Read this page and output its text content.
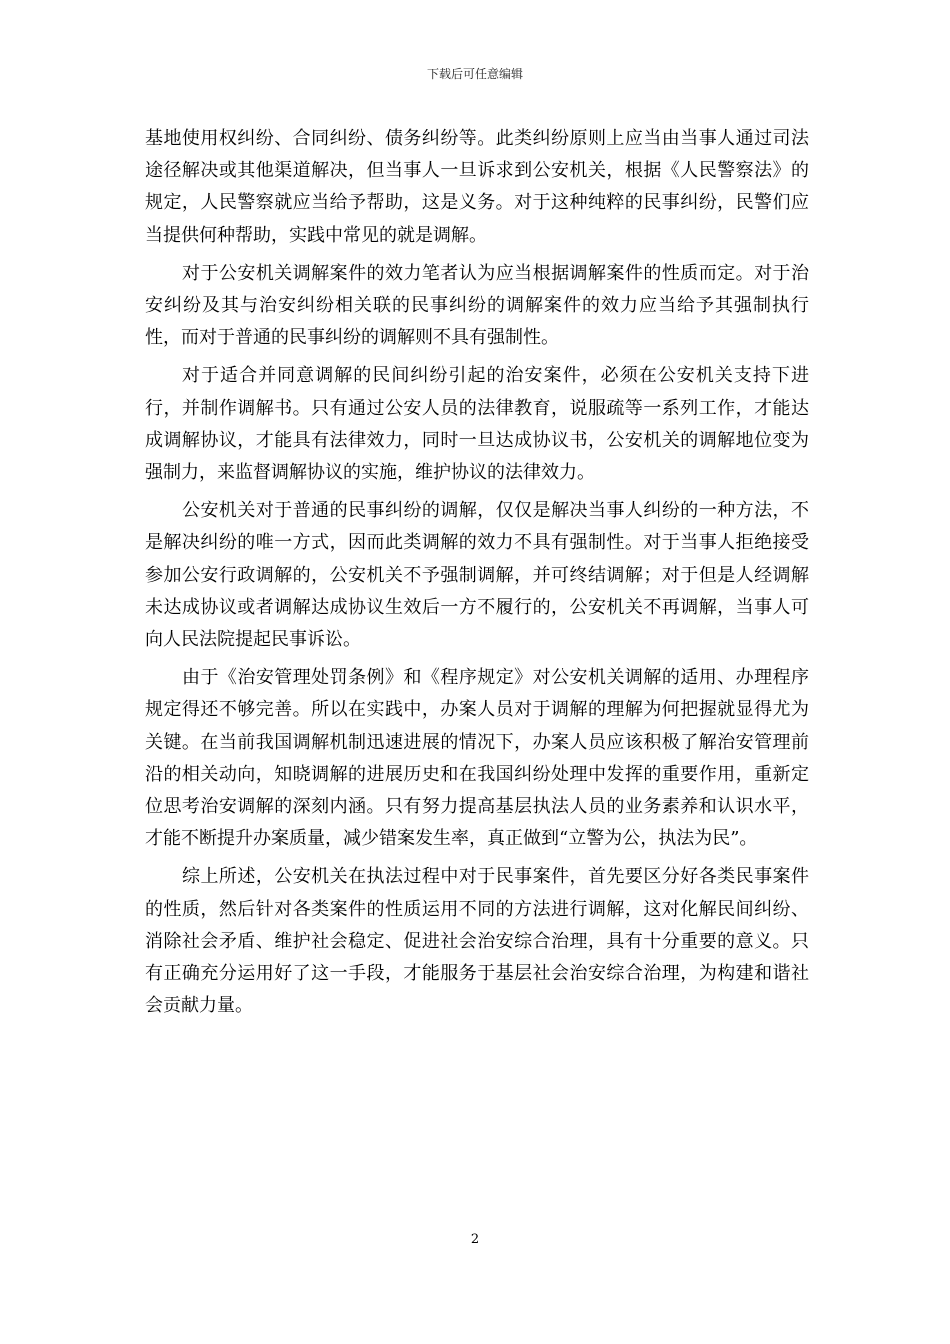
下载后可任意编辑

基地使用权纠纷、合同纠纷、债务纠纷等。此类纠纷原则上应当由当事人通过司法途径解决或其他渠道解决，但当事人一旦诉求到公安机关，根据《人民警察法》的规定，人民警察就应当给予帮助，这是义务。对于这种纯粹的民事纠纷，民警们应当提供何种帮助，实践中常见的就是调解。

对于公安机关调解案件的效力笔者认为应当根据调解案件的性质而定。对于治安纠纷及其与治安纠纷相关联的民事纠纷的调解案件的效力应当给予其强制执行性，而对于普通的民事纠纷的调解则不具有强制性。

对于适合并同意调解的民间纠纷引起的治安案件，必须在公安机关支持下进行，并制作调解书。只有通过公安人员的法律教育，说服疏等一系列工作，才能达成调解协议，才能具有法律效力，同时一旦达成协议书，公安机关的调解地位变为强制力，来监督调解协议的实施，维护协议的法律效力。

公安机关对于普通的民事纠纷的调解，仅仅是解决当事人纠纷的一种方法，不是解决纠纷的唯一方式，因而此类调解的效力不具有强制性。对于当事人拒绝接受参加公安行政调解的，公安机关不予强制调解，并可终结调解；对于但是人经调解未达成协议或者调解达成协议生效后一方不履行的，公安机关不再调解，当事人可向人民法院提起民事诉讼。

由于《治安管理处罚条例》和《程序规定》对公安机关调解的适用、办理程序规定得还不够完善。所以在实践中，办案人员对于调解的理解为何把握就显得尤为关键。在当前我国调解机制迅速进展的情况下，办案人员应该积极了解治安管理前沿的相关动向，知晓调解的进展历史和在我国纠纷处理中发挥的重要作用，重新定位思考治安调解的深刻内涵。只有努力提高基层执法人员的业务素养和认识水平，才能不断提升办案质量，减少错案发生率，真正做到“立警为公，执法为民”。

综上所述，公安机关在执法过程中对于民事案件，首先要区分好各类民事案件的性质，然后针对各类案件的性质运用不同的方法进行调解，这对化解民间纠纷、消除社会矛盾、维护社会稳定、促进社会治安综合治理，具有十分重要的意义。只有正确充分运用好了这一手段，才能服务于基层社会治安综合治理，为构建和谐社会贡献力量。

2
